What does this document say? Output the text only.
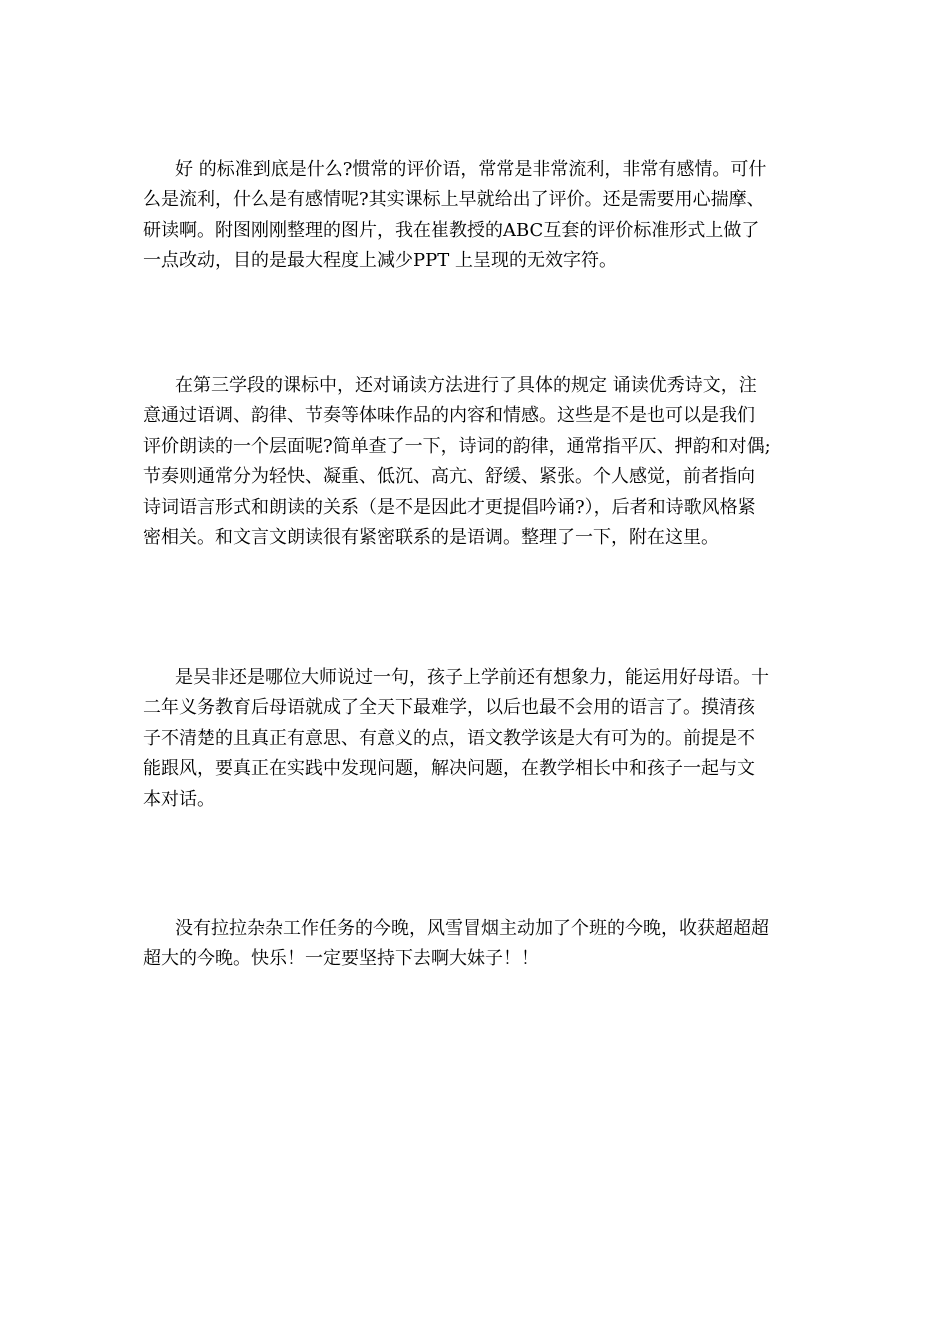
好 的标准到底是什么?惯常的评价语，常常是非常流利，非常有感情。可什
么是流利，什么是有感情呢?其实课标上早就给出了评价。还是需要用心揣摩、
研读啊。附图刚刚整理的图片，我在崔教授的ABC互套的评价标准形式上做了
一点改动，目的是最大程度上减少PPT 上呈现的无效字符。
在第三学段的课标中，还对诵读方法进行了具体的规定 诵读优秀诗文，注
意通过语调、韵律、节奏等体味作品的内容和情感。这些是不是也可以是我们
评价朗读的一个层面呢?简单查了一下，诗词的韵律，通常指平仄、押韵和对偶;
节奏则通常分为轻快、凝重、低沉、高亢、舒缓、紧张。个人感觉，前者指向
诗词语言形式和朗读的关系（是不是因此才更提倡吟诵?），后者和诗歌风格紧
密相关。和文言文朗读很有紧密联系的是语调。整理了一下，附在这里。
是吴非还是哪位大师说过一句，孩子上学前还有想象力，能运用好母语。十
二年义务教育后母语就成了全天下最难学，以后也最不会用的语言了。摸清孩
子不清楚的且真正有意思、有意义的点，语文教学该是大有可为的。前提是不
能跟风，要真正在实践中发现问题，解决问题，在教学相长中和孩子一起与文
本对话。
没有拉拉杂杂工作任务的今晚，风雪冒烟主动加了个班的今晚，收获超超超
超大的今晚。快乐！一定要坚持下去啊大妹子！！
